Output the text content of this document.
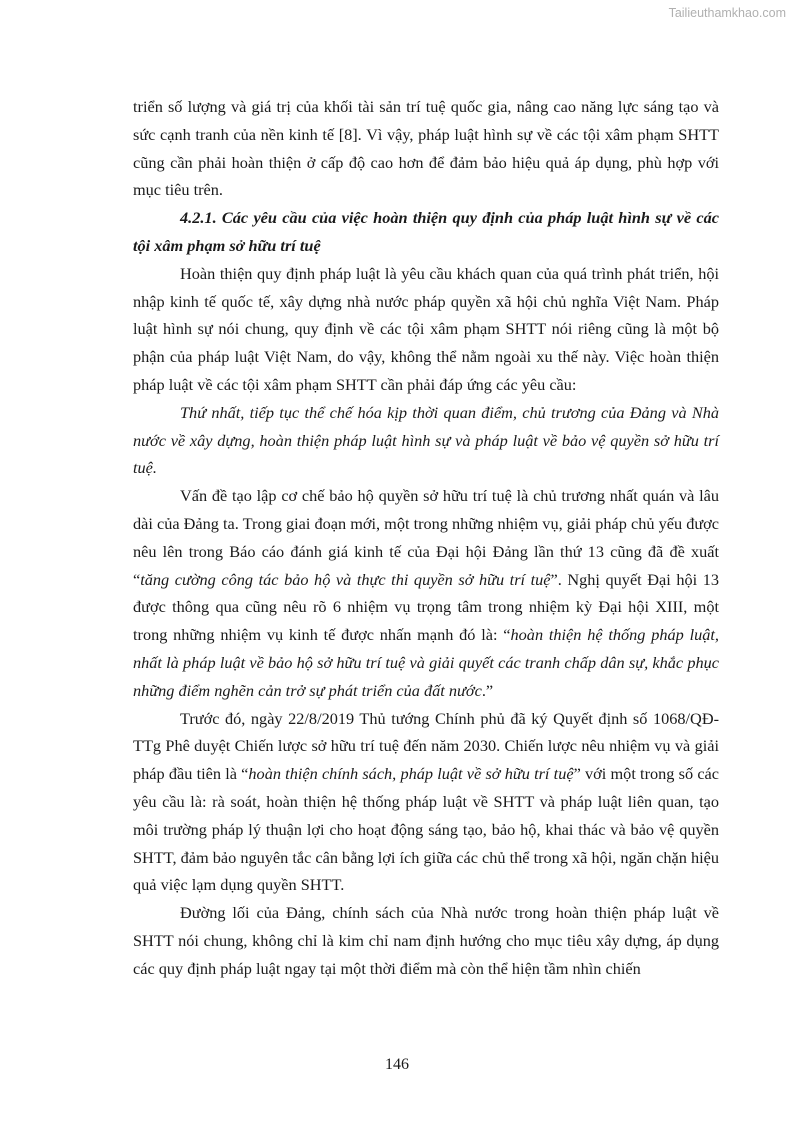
Tailieuthamkhao.com

triển số lượng và giá trị của khối tài sản trí tuệ quốc gia, nâng cao năng lực sáng tạo và sức cạnh tranh của nền kinh tế [8]. Vì vậy, pháp luật hình sự về các tội xâm phạm SHTT cũng cần phải hoàn thiện ở cấp độ cao hơn để đảm bảo hiệu quả áp dụng, phù hợp với mục tiêu trên.

4.2.1. Các yêu cầu của việc hoàn thiện quy định của pháp luật hình sự về các tội xâm phạm sở hữu trí tuệ

Hoàn thiện quy định pháp luật là yêu cầu khách quan của quá trình phát triển, hội nhập kinh tế quốc tế, xây dựng nhà nước pháp quyền xã hội chủ nghĩa Việt Nam. Pháp luật hình sự nói chung, quy định về các tội xâm phạm SHTT nói riêng cũng là một bộ phận của pháp luật Việt Nam, do vậy, không thể nằm ngoài xu thế này. Việc hoàn thiện pháp luật về các tội xâm phạm SHTT cần phải đáp ứng các yêu cầu:

Thứ nhất, tiếp tục thể chế hóa kịp thời quan điểm, chủ trương của Đảng và Nhà nước về xây dựng, hoàn thiện pháp luật hình sự và pháp luật về bảo vệ quyền sở hữu trí tuệ.

Vấn đề tạo lập cơ chế bảo hộ quyền sở hữu trí tuệ là chủ trương nhất quán và lâu dài của Đảng ta. Trong giai đoạn mới, một trong những nhiệm vụ, giải pháp chủ yếu được nêu lên trong Báo cáo đánh giá kinh tế của Đại hội Đảng lần thứ 13 cũng đã đề xuất “tăng cường công tác bảo hộ và thực thi quyền sở hữu trí tuệ”. Nghị quyết Đại hội 13 được thông qua cũng nêu rõ 6 nhiệm vụ trọng tâm trong nhiệm kỳ Đại hội XIII, một trong những nhiệm vụ kinh tế được nhấn mạnh đó là: “hoàn thiện hệ thống pháp luật, nhất là pháp luật về bảo hộ sở hữu trí tuệ và giải quyết các tranh chấp dân sự, khắc phục những điểm nghẽn cản trở sự phát triển của đất nước.”

Trước đó, ngày 22/8/2019 Thủ tướng Chính phủ đã ký Quyết định số 1068/QĐ-TTg Phê duyệt Chiến lược sở hữu trí tuệ đến năm 2030. Chiến lược nêu nhiệm vụ và giải pháp đầu tiên là “hoàn thiện chính sách, pháp luật về sở hữu trí tuệ” với một trong số các yêu cầu là: rà soát, hoàn thiện hệ thống pháp luật về SHTT và pháp luật liên quan, tạo môi trường pháp lý thuận lợi cho hoạt động sáng tạo, bảo hộ, khai thác và bảo vệ quyền SHTT, đảm bảo nguyên tắc cân bằng lợi ích giữa các chủ thể trong xã hội, ngăn chặn hiệu quả việc lạm dụng quyền SHTT.

Đường lối của Đảng, chính sách của Nhà nước trong hoàn thiện pháp luật về SHTT nói chung, không chỉ là kim chỉ nam định hướng cho mục tiêu xây dựng, áp dụng các quy định pháp luật ngay tại một thời điểm mà còn thể hiện tầm nhìn chiến

146
